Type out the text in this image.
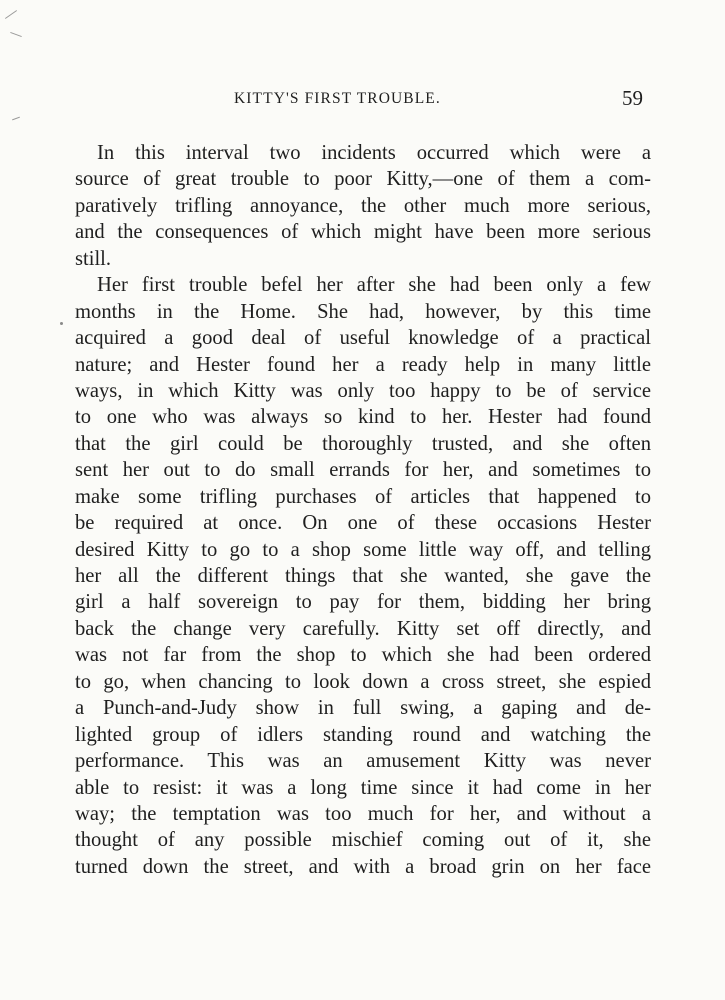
KITTY'S FIRST TROUBLE.	59
In this interval two incidents occurred which were a
source of great trouble to poor Kitty,—one of them a com-
paratively trifling annoyance, the other much more serious,
and the consequences of which might have been more serious
still.
Her first trouble befel her after she had been only a few
months in the Home. She had, however, by this time
acquired a good deal of useful knowledge of a practical
nature; and Hester found her a ready help in many little
ways, in which Kitty was only too happy to be of service
to one who was always so kind to her. Hester had found
that the girl could be thoroughly trusted, and she often
sent her out to do small errands for her, and sometimes to
make some trifling purchases of articles that happened to
be required at once. On one of these occasions Hester
desired Kitty to go to a shop some little way off, and telling
her all the different things that she wanted, she gave the
girl a half sovereign to pay for them, bidding her bring
back the change very carefully. Kitty set off directly, and
was not far from the shop to which she had been ordered
to go, when chancing to look down a cross street, she espied
a Punch-and-Judy show in full swing, a gaping and de-
lighted group of idlers standing round and watching the
performance. This was an amusement Kitty was never
able to resist: it was a long time since it had come in her
way; the temptation was too much for her, and without a
thought of any possible mischief coming out of it, she
turned down the street, and with a broad grin on her face
